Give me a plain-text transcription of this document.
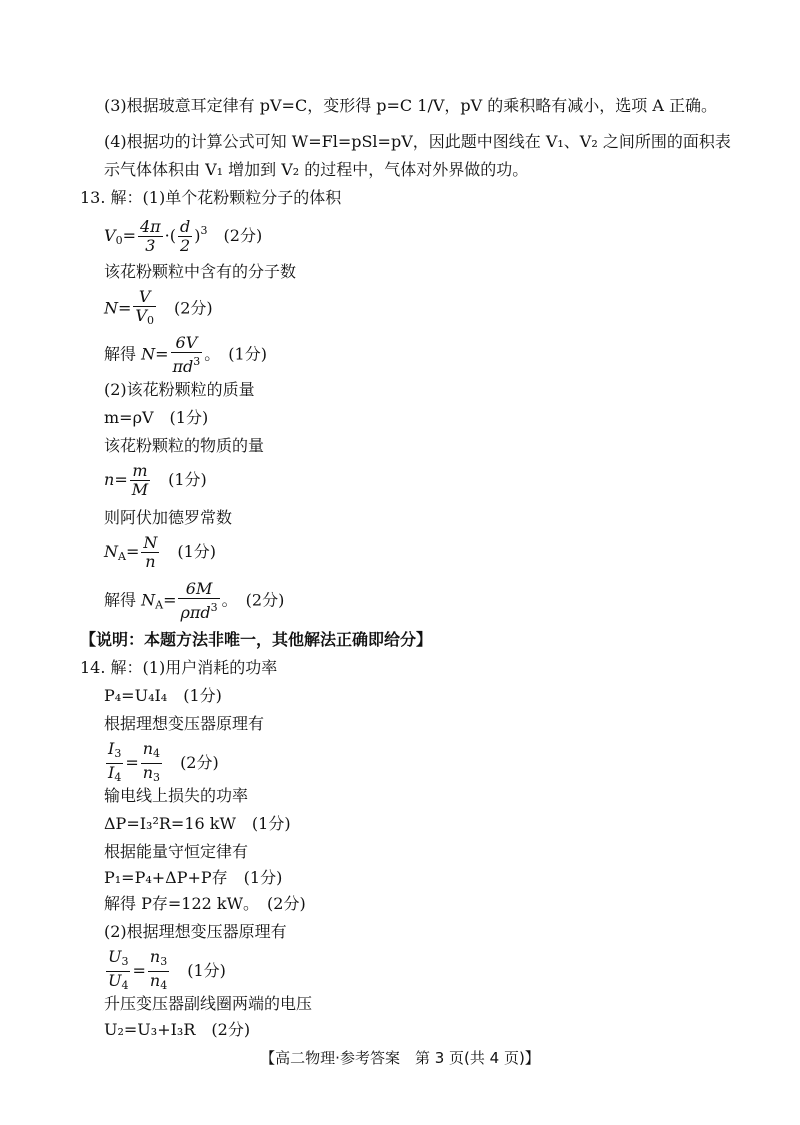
(3)根据玻意耳定律有 pV=C，变形得 p=C 1/V，pV 的乘积略有减小，选项 A 正确。
(4)根据功的计算公式可知 W=Fl=pSl=pV，因此题中图线在 V₁、V₂ 之间所围的面积表
示气体体积由 V₁ 增加到 V₂ 的过程中，气体对外界做的功。
13. 解：(1)单个花粉颗粒分子的体积
$V_0= \frac{4\pi}{3}$ ·( $\frac{d}{2} )^3$　 (2分)
该花粉颗粒中含有的分子数
$N= \frac{V}{V_0}$
　 (2分)
解得 $N= \frac{6V}{\pi d^3}$ 。　(1分)
(2)该花粉颗粒的质量
m=ρV　(1分)
该花粉颗粒的物质的量
$n= \frac{m}{M}$
　 (1分)
则阿伏加德罗常数
$N_A= \frac{N}{n}$
　 (1分)
解得 $N_A= \frac{6M}{\rho\pi d^3}$ 。　(2分)
【说明：本题方法非唯一，其他解法正确即给分】
14. 解：(1)用户消耗的功率
P₄=U₄I₄　(1分)
根据理想变压器原理有
$\frac{I_3}{I_4} = \frac{n_4}{n_3}$
　 (2分)
输电线上损失的功率
ΔP=I₃²R=16 kW　(1分)
根据能量守恒定律有
P₁=P₄+ΔP+P存　(1分)
解得 P存=122 kW。　(2分)
(2)根据理想变压器原理有
$\frac{U_3}{U_4} = \frac{n_3}{n_4}$
　 (1分)
升压变压器副线圈两端的电压
U₂=U₃+I₃R　(2分)
【高二物理·参考答案　第 3 页(共 4 页)】
